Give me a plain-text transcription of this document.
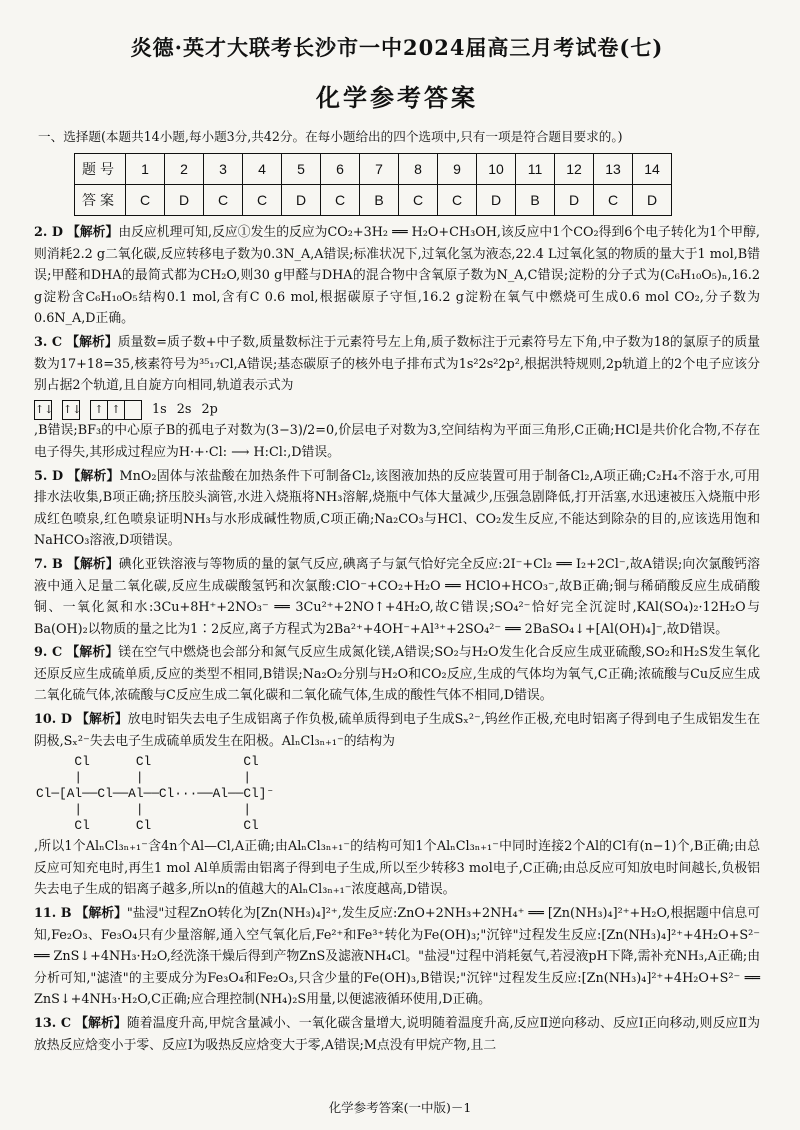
炎德·英才大联考长沙市一中2024届高三月考试卷(七)
化学参考答案
一、选择题(本题共14小题,每小题3分,共42分。在每小题给出的四个选项中,只有一项是符合题目要求的。)
题号	1	2	3	4	5	6	7	8	9	10	11	12	13	14
答案	C	D	C	C	D	C	B	C	C	D	B	D	C	D
2. D 【解析】由反应机理可知,反应①发生的反应为CO₂+3H₂ ══ H₂O+CH₃OH,该反应中1个CO₂得到6个电子转化为1个甲醇,则消耗2.2 g二氧化碳,反应转移电子数为0.3N_A,A错误;标准状况下,过氧化氢为液态,22.4 L过氧化氢的物质的量大于1 mol,B错误;甲醛和DHA的最简式都为CH₂O,则30 g甲醛与DHA的混合物中含氧原子数为N_A,C错误;淀粉的分子式为(C₆H₁₀O₅)ₙ,16.2 g淀粉含C₆H₁₀O₅结构0.1 mol,含有C 0.6 mol,根据碳原子守恒,16.2 g淀粉在氧气中燃烧可生成0.6 mol CO₂,分子数为0.6N_A,D正确。
3. C 【解析】质量数=质子数+中子数,质量数标注于元素符号左上角,质子数标注于元素符号左下角,中子数为18的氯原子的质量数为17+18=35,核素符号为³⁵₁₇Cl,A错误;基态碳原子的核外电子排布式为1s²2s²2p²,根据洪特规则,2p轨道上的2个电子应该分别占据2个轨道,且自旋方向相同,轨道表示式为
↑↓ ↑↓	↑ ↑	1s 2s 2p
,B错误;BF₃的中心原子B的孤电子对数为(3−3)/2=0,价层电子对数为3,空间结构为平面三角形,C正确;HCl是共价化合物,不存在电子得失,其形成过程应为H·+·Cl: ⟶ H:Cl:,D错误。
5. D 【解析】MnO₂固体与浓盐酸在加热条件下可制备Cl₂,该图液加热的反应装置可用于制备Cl₂,A项正确;C₂H₄不溶于水,可用排水法收集,B项正确;挤压胶头滴管,水进入烧瓶将NH₃溶解,烧瓶中气体大量减少,压强急剧降低,打开活塞,水迅速被压入烧瓶中形成红色喷泉,红色喷泉证明NH₃与水形成碱性物质,C项正确;Na₂CO₃与HCl、CO₂发生反应,不能达到除杂的目的,应该选用饱和NaHCO₃溶液,D项错误。
7. B 【解析】碘化亚铁溶液与等物质的量的氯气反应,碘离子与氯气恰好完全反应:2I⁻+Cl₂ ══ I₂+2Cl⁻,故A错误;向次氯酸钙溶液中通入足量二氧化碳,反应生成碳酸氢钙和次氯酸:ClO⁻+CO₂+H₂O ══ HClO+HCO₃⁻,故B正确;铜与稀硝酸反应生成硝酸铜、一氧化氮和水:3Cu+8H⁺+2NO₃⁻ ══ 3Cu²⁺+2NO↑+4H₂O,故C错误;SO₄²⁻恰好完全沉淀时,KAl(SO₄)₂·12H₂O与Ba(OH)₂以物质的量之比为1∶2反应,离子方程式为2Ba²⁺+4OH⁻+Al³⁺+2SO₄²⁻ ══ 2BaSO₄↓+[Al(OH)₄]⁻,故D错误。
9. C 【解析】镁在空气中燃烧也会部分和氮气反应生成氮化镁,A错误;SO₂与H₂O发生化合反应生成亚硫酸,SO₂和H₂S发生氧化还原反应生成硫单质,反应的类型不相同,B错误;Na₂O₂分别与H₂O和CO₂反应,生成的气体均为氧气,C正确;浓硫酸与Cu反应生成二氧化硫气体,浓硫酸与C反应生成二氧化碳和二氧化硫气体,生成的酸性气体不相同,D错误。
10. D 【解析】放电时铝失去电子生成铝离子作负极,硫单质得到电子生成Sₓ²⁻,钨丝作正极,充电时铝离子得到电子生成铝发生在阴极,Sₓ²⁻失去电子生成硫单质发生在阳极。AlₙCl₃ₙ₊₁⁻的结构为
Cl      Cl            Cl
|       |             |
Cl─[Al──Cl──Al──Cl···──Al──Cl]⁻
|       |             |
Cl      Cl            Cl
,所以1个AlₙCl₃ₙ₊₁⁻含4n个Al—Cl,A正确;由AlₙCl₃ₙ₊₁⁻的结构可知1个AlₙCl₃ₙ₊₁⁻中同时连接2个Al的Cl有(n−1)个,B正确;由总反应可知充电时,再生1 mol Al单质需由铝离子得到电子生成,所以至少转移3 mol电子,C正确;由总反应可知放电时间越长,负极铝失去电子生成的铝离子越多,所以n的值越大的AlₙCl₃ₙ₊₁⁻浓度越高,D错误。
11. B 【解析】"盐浸"过程ZnO转化为[Zn(NH₃)₄]²⁺,发生反应:ZnO+2NH₃+2NH₄⁺ ══ [Zn(NH₃)₄]²⁺+H₂O,根据题中信息可知,Fe₂O₃、Fe₃O₄只有少量溶解,通入空气氧化后,Fe²⁺和Fe³⁺转化为Fe(OH)₃;"沉锌"过程发生反应:[Zn(NH₃)₄]²⁺+4H₂O+S²⁻ ══ ZnS↓+4NH₃·H₂O,经洗涤干燥后得到产物ZnS及滤液NH₄Cl。"盐浸"过程中消耗氨气,若浸液pH下降,需补充NH₃,A正确;由分析可知,"滤渣"的主要成分为Fe₃O₄和Fe₂O₃,只含少量的Fe(OH)₃,B错误;"沉锌"过程发生反应:[Zn(NH₃)₄]²⁺+4H₂O+S²⁻ ══ ZnS↓+4NH₃·H₂O,C正确;应合理控制(NH₄)₂S用量,以便滤液循环使用,D正确。
13. C 【解析】随着温度升高,甲烷含量减小、一氧化碳含量增大,说明随着温度升高,反应Ⅱ逆向移动、反应Ⅰ正向移动,则反应Ⅱ为放热反应焓变小于零、反应Ⅰ为吸热反应焓变大于零,A错误;M点没有甲烷产物,且二
化学参考答案(一中版)－1
